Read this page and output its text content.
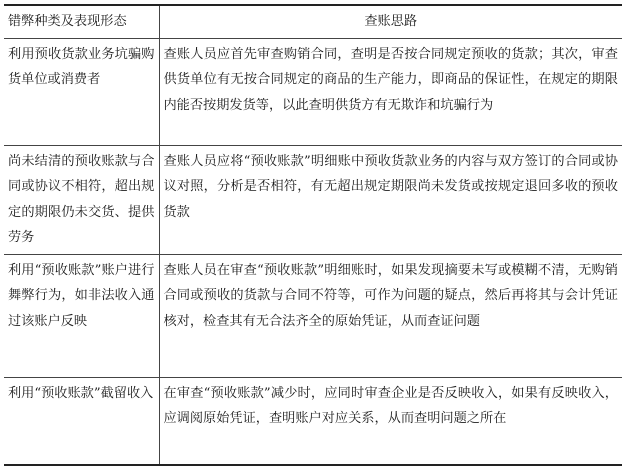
错弊种类及表现形态	查账思路
利用预收货款业务坑骗购货单位或消费者	查账人员应首先审查购销合同，查明是否按合同规定预收的货款；其次，审查供货单位有无按合同规定的商品的生产能力，即商品的保证性，在规定的期限内能否按期发货等，以此查明供货方有无欺诈和坑骗行为
尚未结清的预收账款与合同或协议不相符，超出规定的期限仍未交货、提供劳务	查账人员应将“预收账款”明细账中预收货款业务的内容与双方签订的合同或协议对照，分析是否相符，有无超出规定期限尚未发货或按规定退回多收的预收货款
利用“预收账款”账户进行舞弊行为，如非法收入通过该账户反映	查账人员在审查“预收账款”明细账时，如果发现摘要未写或模糊不清，无购销合同或预收的货款与合同不符等，可作为问题的疑点，然后再将其与会计凭证核对，检查其有无合法齐全的原始凭证，从而查证问题
利用“预收账款”截留收入	在审查“预收账款”减少时，应同时审查企业是否反映收入，如果有反映收入，应调阅原始凭证，查明账户对应关系，从而查明问题之所在
